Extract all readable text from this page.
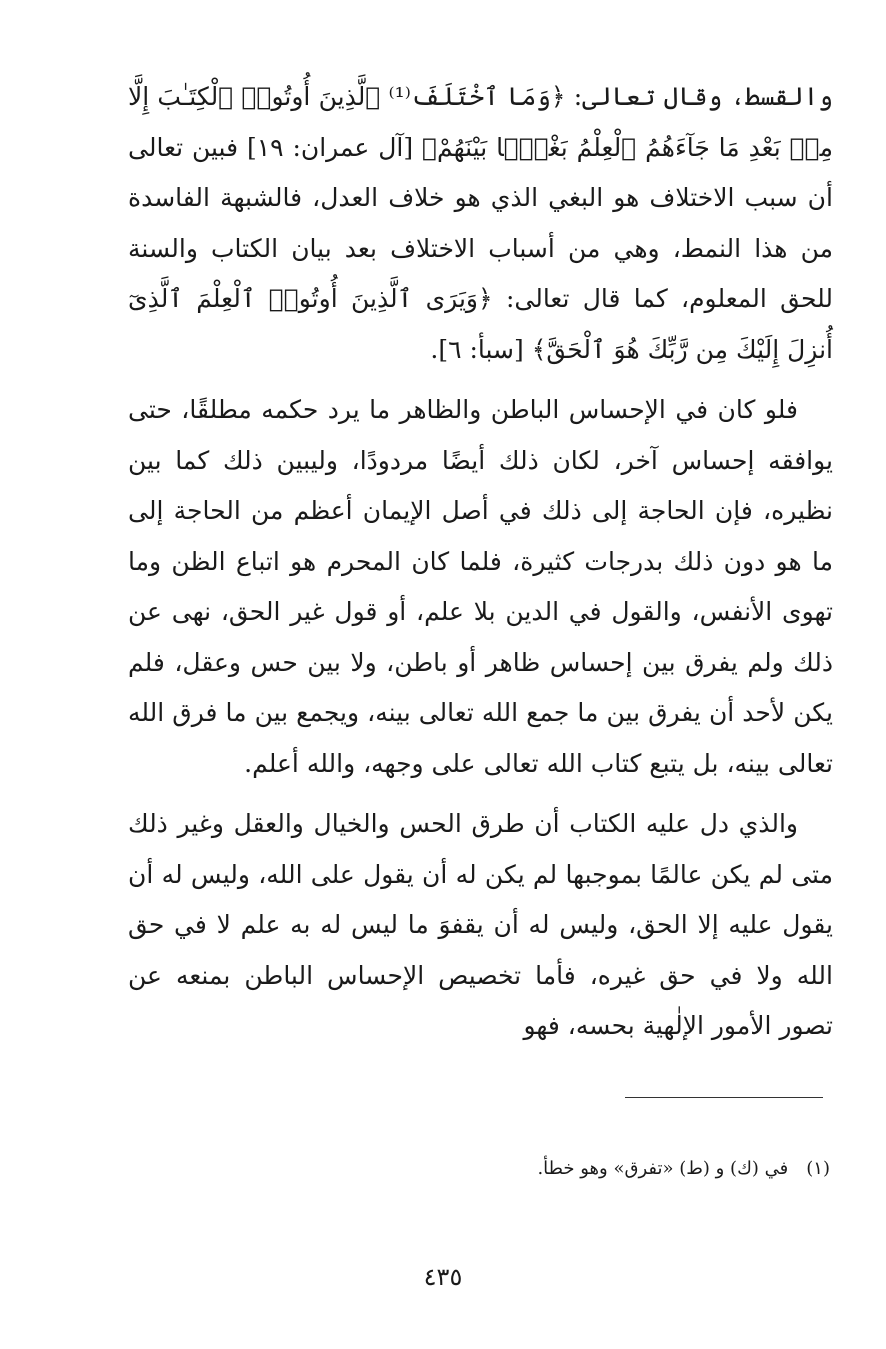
والقسط، وقال تعالى: ﴿وَمَا ٱخْتَلَفَ⁽¹⁾ ٱلَّذِينَ أُوتُوا۟ ٱلْكِتَـٰبَ إِلَّا مِنۢ بَعْدِ مَا جَآءَهُمُ ٱلْعِلْمُ بَغْيًۢا بَيْنَهُمْ﴾ [آل عمران: ١٩] فبين تعالى أن سبب الاختلاف هو البغي الذي هو خلاف العدل، فالشبهة الفاسدة من هذا النمط، وهي من أسباب الاختلاف بعد بيان الكتاب والسنة للحق المعلوم، كما قال تعالى: ﴿وَيَرَى ٱلَّذِينَ أُوتُوا۟ ٱلْعِلْمَ ٱلَّذِىٓ أُنزِلَ إِلَيْكَ مِن رَّبِّكَ هُوَ ٱلْحَقَّ﴾ [سبأ: ٦].

فلو كان في الإحساس الباطن والظاهر ما يرد حكمه مطلقًا، حتى يوافقه إحساس آخر، لكان ذلك أيضًا مردودًا، وليبين ذلك كما بين نظيره، فإن الحاجة إلى ذلك في أصل الإيمان أعظم من الحاجة إلى ما هو دون ذلك بدرجات كثيرة، فلما كان المحرم هو اتباع الظن وما تهوى الأنفس، والقول في الدين بلا علم، أو قول غير الحق، نهى عن ذلك ولم يفرق بين إحساس ظاهر أو باطن، ولا بين حس وعقل، فلم يكن لأحد أن يفرق بين ما جمع الله تعالى بينه، ويجمع بين ما فرق الله تعالى بينه، بل يتبع كتاب الله تعالى على وجهه، والله أعلم.

والذي دل عليه الكتاب أن طرق الحس والخيال والعقل وغير ذلك متى لم يكن عالمًا بموجبها لم يكن له أن يقول على الله، وليس له أن يقول عليه إلا الحق، وليس له أن يقفوَ ما ليس له به علم لا في حق الله ولا في حق غيره، فأما تخصيص الإحساس الباطن بمنعه عن تصور الأمور الإلٰهية بحسه، فهو

(١)في (ك) و (ط) «تفرق» وهو خطأ.
٤٣٥
